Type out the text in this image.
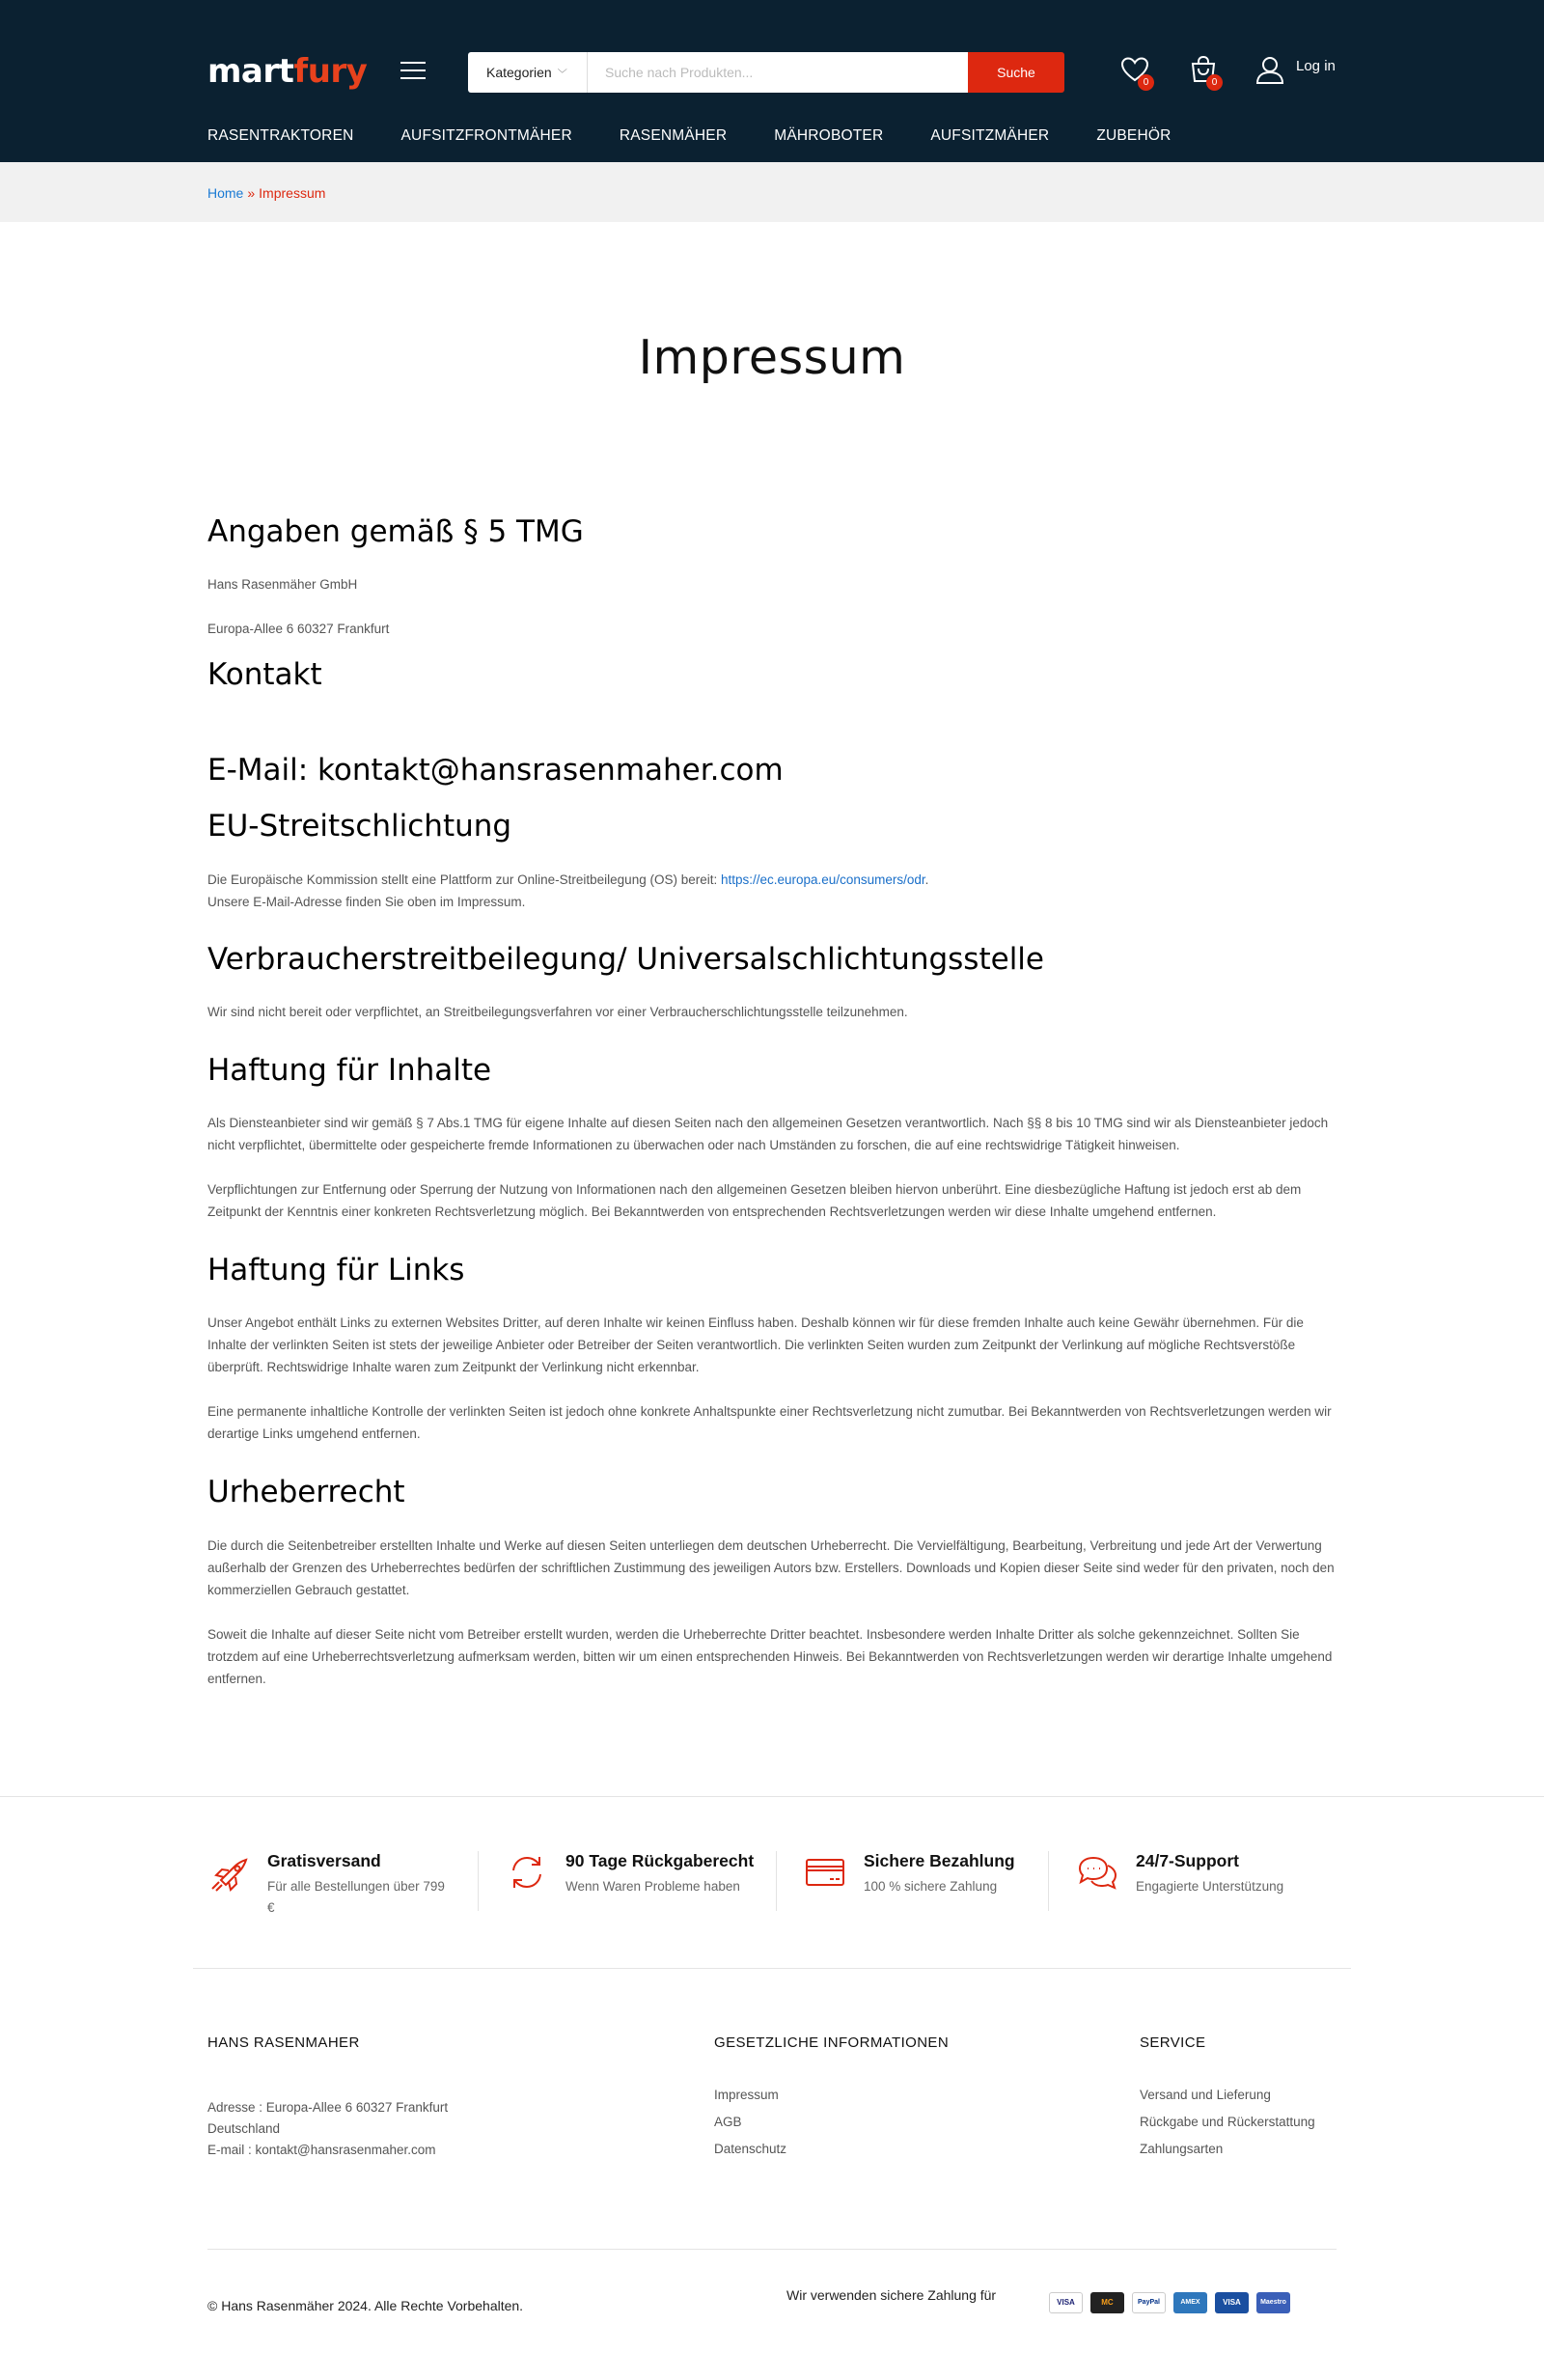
martfury	Kategorien ﹀
Suche nach Produkten...	Suche
0	0
Log in
RASENTRAKTOREN	AUFSITZFRONTMÄHER	RASENMÄHER	MÄHROBOTER	AUFSITZMÄHER	ZUBEHÖR
Home » Impressum
Impressum
Angaben gemäß § 5 TMG

Hans Rasenmäher GmbH

Europa-Allee 6 60327 Frankfurt

Kontakt
E-Mail: kontakt@hansrasenmaher.com
EU-Streitschlichtung

Die Europäische Kommission stellt eine Plattform zur Online-Streitbeilegung (OS) bereit: https://ec.europa.eu/consumers/odr.
Unsere E-Mail-Adresse finden Sie oben im Impressum.

Verbraucherstreitbeilegung/ Universalschlichtungsstelle

Wir sind nicht bereit oder verpflichtet, an Streitbeilegungsverfahren vor einer Verbraucherschlichtungsstelle teilzunehmen.

Haftung für Inhalte

Als Diensteanbieter sind wir gemäß § 7 Abs.1 TMG für eigene Inhalte auf diesen Seiten nach den allgemeinen Gesetzen verantwortlich. Nach §§ 8 bis 10 TMG sind wir als Diensteanbieter jedoch nicht verpflichtet, übermittelte oder gespeicherte fremde Informationen zu überwachen oder nach Umständen zu forschen, die auf eine rechtswidrige Tätigkeit hinweisen.

Verpflichtungen zur Entfernung oder Sperrung der Nutzung von Informationen nach den allgemeinen Gesetzen bleiben hiervon unberührt. Eine diesbezügliche Haftung ist jedoch erst ab dem Zeitpunkt der Kenntnis einer konkreten Rechtsverletzung möglich. Bei Bekanntwerden von entsprechenden Rechtsverletzungen werden wir diese Inhalte umgehend entfernen.

Haftung für Links

Unser Angebot enthält Links zu externen Websites Dritter, auf deren Inhalte wir keinen Einfluss haben. Deshalb können wir für diese fremden Inhalte auch keine Gewähr übernehmen. Für die Inhalte der verlinkten Seiten ist stets der jeweilige Anbieter oder Betreiber der Seiten verantwortlich. Die verlinkten Seiten wurden zum Zeitpunkt der Verlinkung auf mögliche Rechtsverstöße überprüft. Rechtswidrige Inhalte waren zum Zeitpunkt der Verlinkung nicht erkennbar.

Eine permanente inhaltliche Kontrolle der verlinkten Seiten ist jedoch ohne konkrete Anhaltspunkte einer Rechtsverletzung nicht zumutbar. Bei Bekanntwerden von Rechtsverletzungen werden wir derartige Links umgehend entfernen.

Urheberrecht

Die durch die Seitenbetreiber erstellten Inhalte und Werke auf diesen Seiten unterliegen dem deutschen Urheberrecht. Die Vervielfältigung, Bearbeitung, Verbreitung und jede Art der Verwertung außerhalb der Grenzen des Urheberrechtes bedürfen der schriftlichen Zustimmung des jeweiligen Autors bzw. Erstellers. Downloads und Kopien dieser Seite sind weder für den privaten, noch den kommerziellen Gebrauch gestattet.

Soweit die Inhalte auf dieser Seite nicht vom Betreiber erstellt wurden, werden die Urheberrechte Dritter beachtet. Insbesondere werden Inhalte Dritter als solche gekennzeichnet. Sollten Sie trotzdem auf eine Urheberrechtsverletzung aufmerksam werden, bitten wir um einen entsprechenden Hinweis. Bei Bekanntwerden von Rechtsverletzungen werden wir derartige Inhalte umgehend entfernen.

Gratisversand
Für alle Bestellungen über 799 €
90 Tage Rückgaberecht
Wenn Waren Probleme haben
Sichere Bezahlung
100 % sichere Zahlung
24/7-Support
Engagierte Unterstützung
HANS RASENMAHER
Adresse : Europa-Allee 6 60327 Frankfurt
Deutschland
E-mail : kontakt@hansrasenmaher.com
GESETZLICHE INFORMATIONEN
Impressum
AGB
Datenschutz
SERVICE
Versand und Lieferung
Rückgabe und Rückerstattung
Zahlungsarten
© Hans Rasenmäher 2024. Alle Rechte Vorbehalten.
Wir verwenden sichere Zahlung für	VISA	MC	PayPal	AMEX	VISA	Maestro
